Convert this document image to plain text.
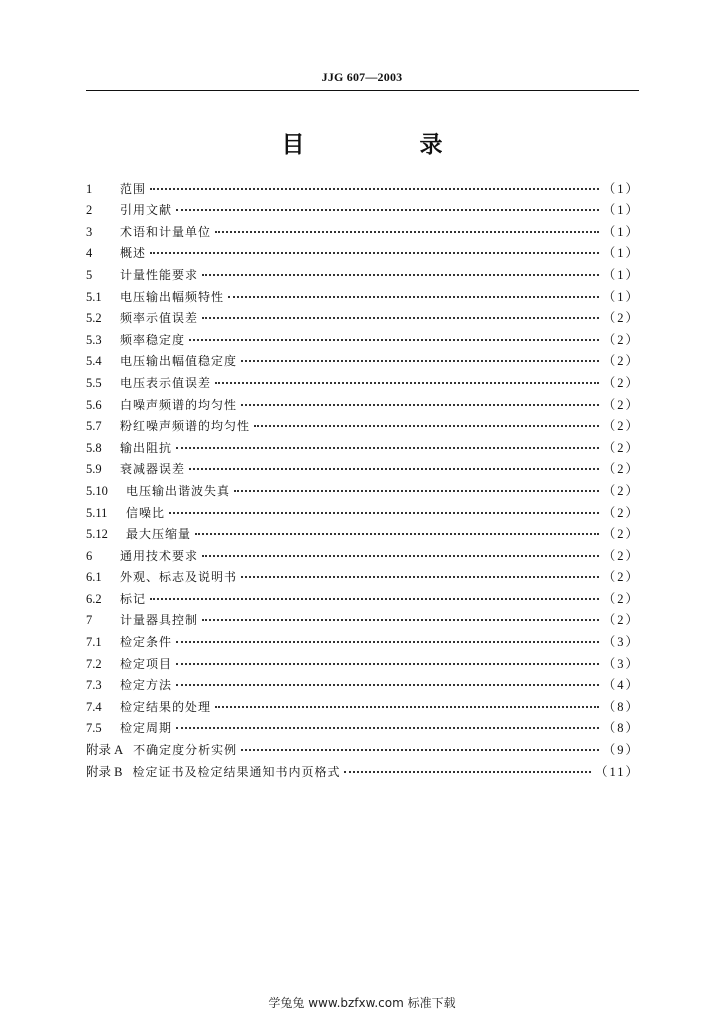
JJG 607—2003
目　录
1	范围	（1）
2	引用文献	（1）
3	术语和计量单位	（1）
4	概述	（1）
5	计量性能要求	（1）
5.1	电压输出幅频特性	（1）
5.2	频率示值误差	（2）
5.3	频率稳定度	（2）
5.4	电压输出幅值稳定度	（2）
5.5	电压表示值误差	（2）
5.6	白噪声频谱的均匀性	（2）
5.7	粉红噪声频谱的均匀性	（2）
5.8	输出阻抗	（2）
5.9	衰减器误差	（2）
5.10	电压输出谐波失真	（2）
5.11	信噪比	（2）
5.12	最大压缩量	（2）
6	通用技术要求	（2）
6.1	外观、标志及说明书	（2）
6.2	标记	（2）
7	计量器具控制	（2）
7.1	检定条件	（3）
7.2	检定项目	（3）
7.3	检定方法	（4）
7.4	检定结果的处理	（8）
7.5	检定周期	（8）
附录 A 不确定度分析实例	（9）
附录 B 检定证书及检定结果通知书内页格式	（11）
学兔兔 www.bzfxw.com 标准下载
